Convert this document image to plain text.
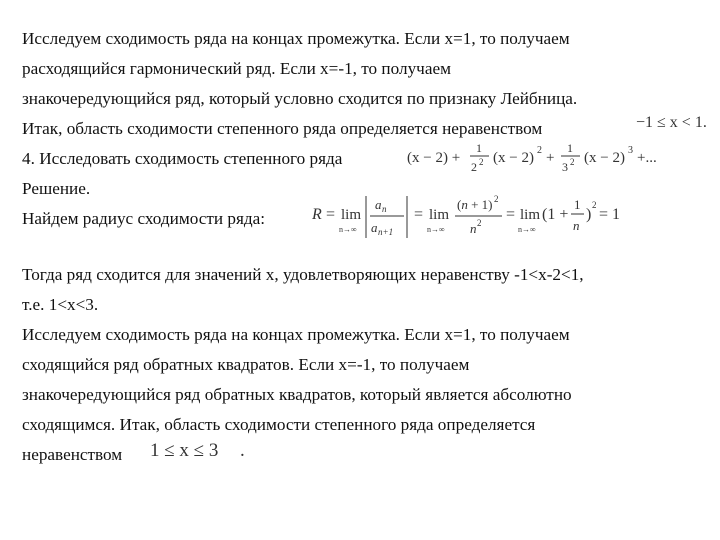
Исследуем сходимость ряда на концах промежутка. Если x=1, то получаем
расходящийся гармонический ряд. Если x=-1, то получаем
знакочередующийся ряд, который условно сходится по признаку Лейбница.
Итак, область сходимости степенного ряда определяется неравенством	−1 ≤ x < 1.
4. Исследовать сходимость степенного ряда	(x − 2) +
1
2 2 (x − 2) 2 +
1
3 2 (x − 2) 3 +...
Решение.
Найдем радиус сходимости ряда:	R = lim
n→∞
a n
a n+1
= lim
n→∞
(n + 1) 2
n 2 = lim
n→∞
(1 +
1
n
)
2
= 1
Тогда ряд сходится для значений x, удовлетворяющих неравенству -1<x-2<1,
т.е. 1<x<3.
Исследуем сходимость ряда на концах промежутка. Если x=1, то получаем
сходящийся ряд обратных квадратов. Если x=-1, то получаем
знакочередующийся ряд обратных квадратов, который является абсолютно
сходящимся. Итак, область сходимости степенного ряда определяется
неравенством 1 ≤ x ≤ 3 .
